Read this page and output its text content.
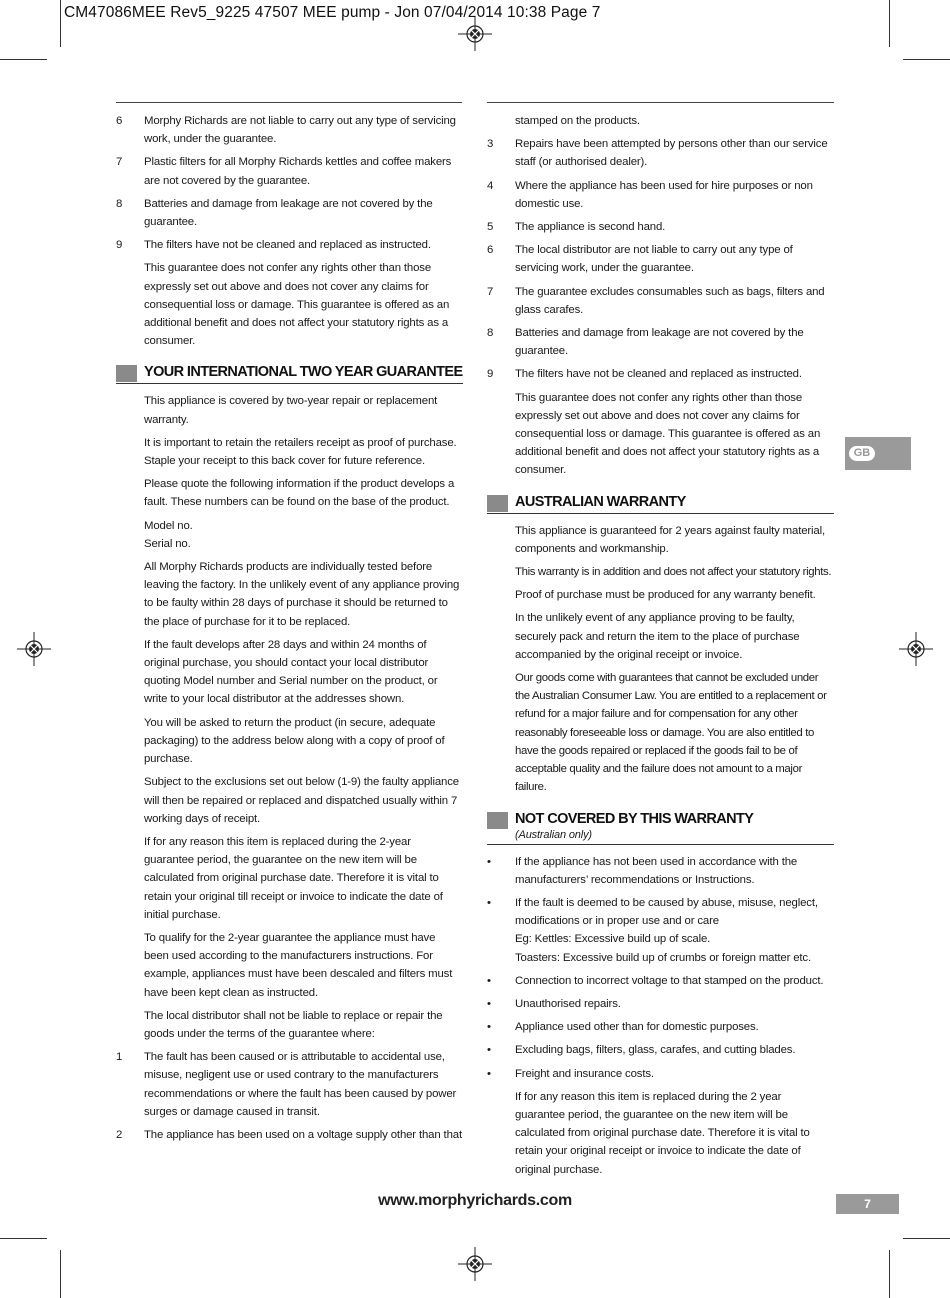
CM47086MEE Rev5_9225 47507 MEE pump - Jon 07/04/2014 10:38 Page 7
6	Morphy Richards are not liable to carry out any type of servicing work, under the guarantee.
7	Plastic filters for all Morphy Richards kettles and coffee makers are not covered by the guarantee.
8	Batteries and damage from leakage are not covered by the guarantee.
9	The filters have not be cleaned and replaced as instructed.
This guarantee does not confer any rights other than those expressly set out above and does not cover any claims for consequential loss or damage. This guarantee is offered as an additional benefit and does not affect your statutory rights as a consumer.
YOUR INTERNATIONAL TWO YEAR GUARANTEE
This appliance is covered by two-year repair or replacement warranty.
It is important to retain the retailers receipt as proof of purchase. Staple your receipt to this back cover for future reference.
Please quote the following information if the product develops a fault. These numbers can be found on the base of the product.
Model no.
Serial no.
All Morphy Richards products are individually tested before leaving the factory. In the unlikely event of any appliance proving to be faulty within 28 days of purchase it should be returned to the place of purchase for it to be replaced.
If the fault develops after 28 days and within 24 months of original purchase, you should contact your local distributor quoting Model number and Serial number on the product, or write to your local distributor at the addresses shown.
You will be asked to return the product (in secure, adequate packaging) to the address below along with a copy of proof of purchase.
Subject to the exclusions set out below (1-9) the faulty appliance will then be repaired or replaced and dispatched usually within 7 working days of receipt.
If for any reason this item is replaced during the 2-year guarantee period, the guarantee on the new item will be calculated from original purchase date. Therefore it is vital to retain your original till receipt or invoice to indicate the date of initial purchase.
To qualify for the 2-year guarantee the appliance must have been used according to the manufacturers instructions. For example, appliances must have been descaled and filters must have been kept clean as instructed.
The local distributor shall not be liable to replace or repair the goods under the terms of the guarantee where:
1	The fault has been caused or is attributable to accidental use, misuse, negligent use or used contrary to the manufacturers recommendations or where the fault has been caused by power surges or damage caused in transit.
2	The appliance has been used on a voltage supply other than that
stamped on the products.
3	Repairs have been attempted by persons other than our service staff (or authorised dealer).
4	Where the appliance has been used for hire purposes or non domestic use.
5	The appliance is second hand.
6	The local distributor are not liable to carry out any type of servicing work, under the guarantee.
7	The guarantee excludes consumables such as bags, filters and glass carafes.
8	Batteries and damage from leakage are not covered by the guarantee.
9	The filters have not be cleaned and replaced as instructed.
This guarantee does not confer any rights other than those expressly set out above and does not cover any claims for consequential loss or damage. This guarantee is offered as an additional benefit and does not affect your statutory rights as a consumer.
AUSTRALIAN WARRANTY
This appliance is guaranteed for 2 years against faulty material, components and workmanship.
This warranty is in addition and does not affect your statutory rights.
Proof of purchase must be produced for any warranty benefit.
In the unlikely event of any appliance proving to be faulty, securely pack and return the item to the place of purchase accompanied by the original receipt or invoice.
Our goods come with guarantees that cannot be excluded under the Australian Consumer Law. You are entitled to a replacement or refund for a major failure and for compensation for any other reasonably foreseeable loss or damage. You are also entitled to have the goods repaired or replaced if the goods fail to be of acceptable quality and the failure does not amount to a major failure.
NOT COVERED BY THIS WARRANTY
(Australian only)
•	If the appliance has not been used in accordance with the manufacturers’ recommendations or Instructions.
•	If the fault is deemed to be caused by abuse, misuse, neglect, modifications or in proper use and or care
Eg: Kettles: Excessive build up of scale.
Toasters: Excessive build up of crumbs or foreign matter etc.
•	Connection to incorrect voltage to that stamped on the product.
•	Unauthorised repairs.
•	Appliance used other than for domestic purposes.
•	Excluding bags, filters, glass, carafes, and cutting blades.
•	Freight and insurance costs.
If for any reason this item is replaced during the 2 year guarantee period, the guarantee on the new item will be calculated from original purchase date. Therefore it is vital to retain your original receipt or invoice to indicate the date of original purchase.
GB
www.morphyrichards.com	7
